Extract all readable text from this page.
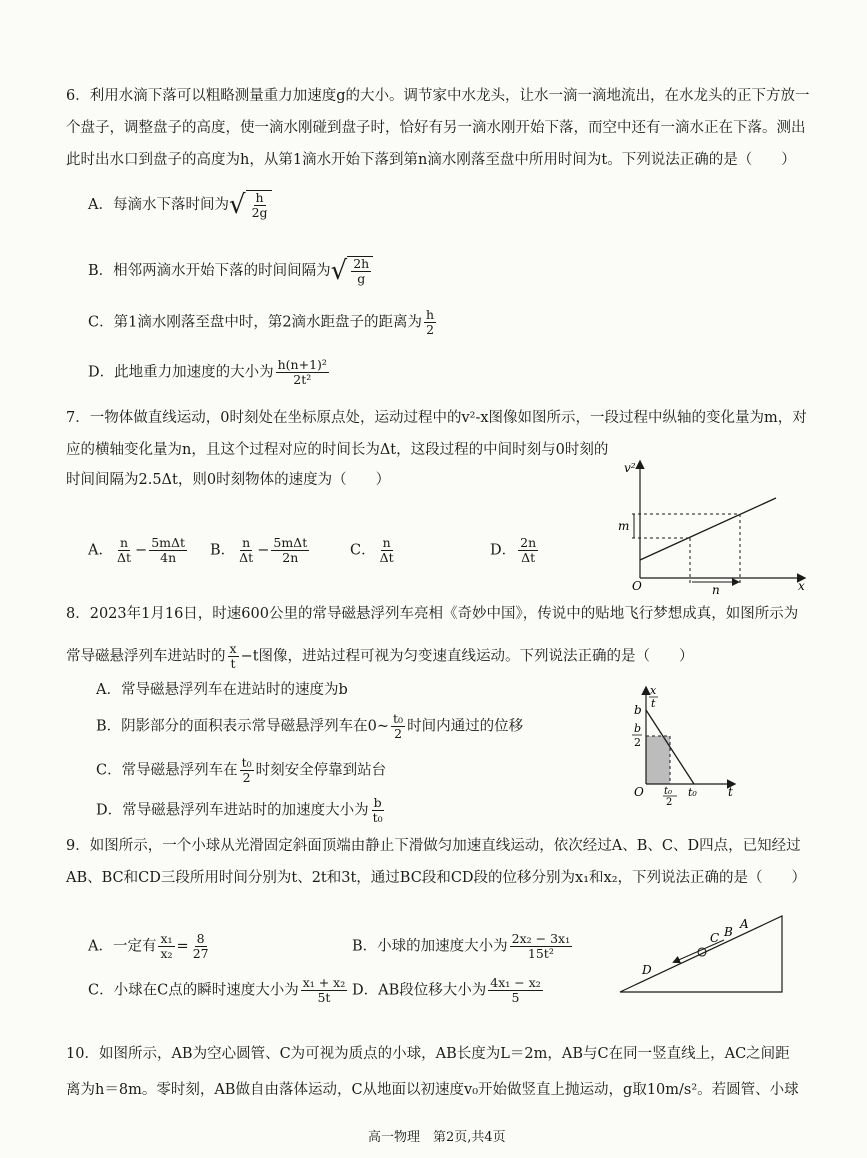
6．利用水滴下落可以粗略测量重力加速度g的大小。调节家中水龙头，让水一滴一滴地流出，在水龙头的正下方放一
个盘子，调整盘子的高度，使一滴水刚碰到盘子时，恰好有另一滴水刚开始下落，而空中还有一滴水正在下落。测出
此时出水口到盘子的高度为h，从第1滴水开始下落到第n滴水刚落至盘中所用时间为t。下列说法正确的是（　　）
A．每滴水下落时间为 √ $\frac{h}{2g}$
B．相邻两滴水开始下落的时间间隔为 √ $\frac{2h}{g}$
C．第1滴水刚落至盘中时，第2滴水距盘子的距离为 $\frac{h}{2}$
D．此地重力加速度的大小为 $\frac{\text{h(n+1)²}}{\text{2t²}}$
7．一物体做直线运动，0时刻处在坐标原点处，运动过程中的v²-x图像如图所示，一段过程中纵轴的变化量为m，对
应的横轴变化量为n，且这个过程对应的时间长为Δt，这段过程的中间时刻与0时刻的
时间间隔为2.5Δt，则0时刻物体的速度为（　　）
A． $\frac{n}{\Delta t} - \frac{\text{5mΔt}}{4n}$ B． $\frac{n}{\Delta t} - \frac{\text{5mΔt}}{2n}$	C． $\frac{n}{\Delta t}$	D． $\frac{2n}{\Delta t}$
v²
x
O
m
n
8．2023年1月16日，时速600公里的常导磁悬浮列车亮相《奇妙中国》，传说中的贴地飞行梦想成真，如图所示为
常导磁悬浮列车进站时的 $\frac{x}{t} -t$图像，进站过程可视为匀变速直线运动。下列说法正确的是（　　）
A．常导磁悬浮列车在进站时的速度为b
B．阴影部分的面积表示常导磁悬浮列车在0~ $\frac{\text{t₀}}{2}$ 时间内通过的位移
C．常导磁悬浮列车在 $\frac{\text{t₀}}{2}$ 时刻安全停靠到站台
D．常导磁悬浮列车进站时的加速度大小为 $\frac{b}{\text{t₀}}$
x
t
b
b
2
O t₀
2
t₀	t
9．如图所示，一个小球从光滑固定斜面顶端由静止下滑做匀加速直线运动，依次经过A、B、C、D四点，已知经过
AB、BC和CD三段所用时间分别为t、2t和3t，通过BC段和CD段的位移分别为x₁和x₂，下列说法正确的是（　　）
A．一定有 $\frac{\text{x₁}}{\text{x₂}} = \frac{8}{27}$	B．小球的加速度大小为 $\frac{\text{2x₂ − 3x₁}}{\text{15t²}}$
C．小球在C点的瞬时速度大小为 $\frac{\text{x₁ + x₂}}{5t}$ D．AB段位移大小为 $\frac{\text{4x₁ − x₂}}{5}$
A
B
C
D
10．如图所示，AB为空心圆管、C为可视为质点的小球，AB长度为L＝2m，AB与C在同一竖直线上，AC之间距
离为h＝8m。零时刻，AB做自由落体运动，C从地面以初速度v₀开始做竖直上抛运动，g取10m/s²。若圆管、小球
高一物理　第2页,共4页
